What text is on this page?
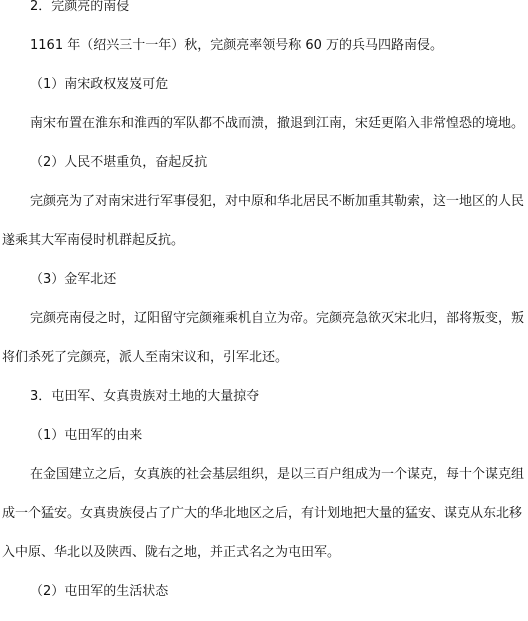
2．完颜亮的南侵
1161 年（绍兴三十一年）秋，完颜亮率领号称 60 万的兵马四路南侵。
（1）南宋政权岌岌可危
南宋布置在淮东和淮西的军队都不战而溃，撤退到江南，宋廷更陷入非常惶恐的境地。
（2）人民不堪重负，奋起反抗
完颜亮为了对南宋进行军事侵犯，对中原和华北居民不断加重其勒索，这一地区的人民
遂乘其大军南侵时机群起反抗。
（3）金军北还
完颜亮南侵之时，辽阳留守完颜雍乘机自立为帝。完颜亮急欲灭宋北归，部将叛变，叛
将们杀死了完颜亮，派人至南宋议和，引军北还。
3．屯田军、女真贵族对土地的大量掠夺
（1）屯田军的由来
在金国建立之后，女真族的社会基层组织，是以三百户组成为一个谋克，每十个谋克组
成一个猛安。女真贵族侵占了广大的华北地区之后，有计划地把大量的猛安、谋克从东北移
入中原、华北以及陕西、陇右之地，并正式名之为屯田军。
（2）屯田军的生活状态
